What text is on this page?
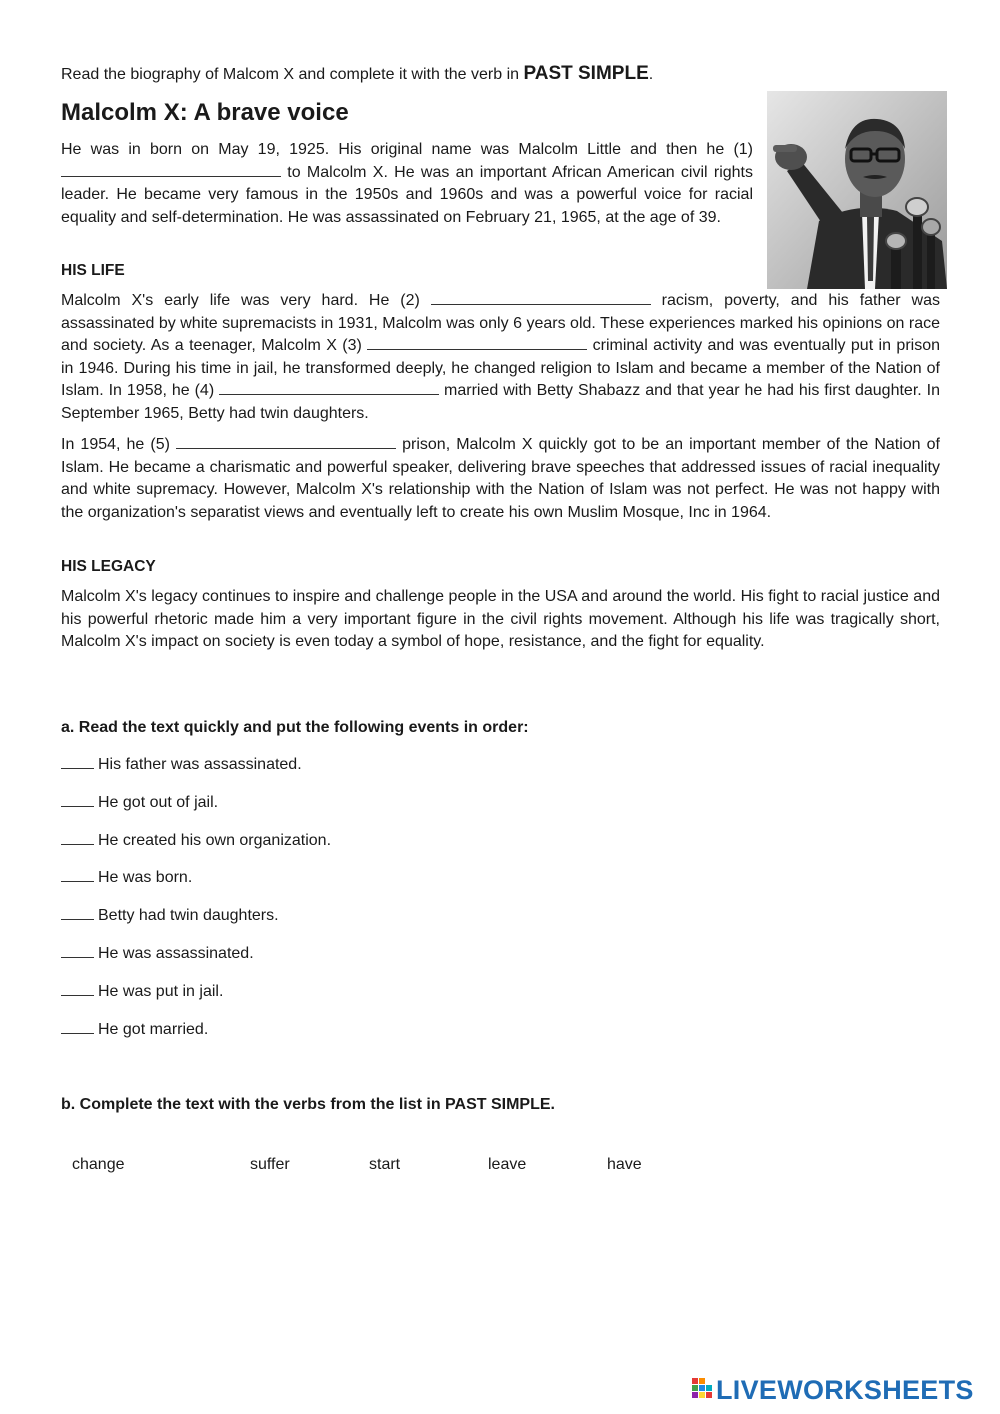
Read the biography of Malcom X and complete it with the verb in PAST SIMPLE.
Malcolm X: A brave voice

He was in born on May 19, 1925. His original name was Malcolm Little and then he (1)  to Malcolm X. He was an important African American civil rights leader. He became very famous in the 1950s and 1960s and was a powerful voice for racial equality and self-determination. He was assassinated on February 21, 1965, at the age of 39.

HIS LIFE

Malcolm X's early life was very hard. He (2)	racism, poverty, and his father was assassinated by white supremacists in 1931, Malcolm was only 6 years old. These experiences marked his opinions on race and society. As a teenager, Malcolm X (3)	criminal activity and was eventually put in prison in 1946. During his time in jail, he transformed deeply, he changed religion to Islam and became a member of the Nation of Islam. In 1958, he (4)	married with Betty Shabazz and that year he had his first daughter. In September 1965, Betty had twin daughters.

In 1954, he (5)	prison, Malcolm X quickly got to be an important member of the Nation of Islam. He became a charismatic and powerful speaker, delivering brave speeches that addressed issues of racial inequality and white supremacy. However, Malcolm X's relationship with the Nation of Islam was not perfect. He was not happy with the organization's separatist views and eventually left to create his own Muslim Mosque, Inc in 1964.

HIS LEGACY

Malcolm X's legacy continues to inspire and challenge people in the USA and around the world. His fight to racial justice and his powerful rhetoric made him a very important figure in the civil rights movement. Although his life was tragically short, Malcolm X's impact on society is even today a symbol of hope, resistance, and the fight for equality.

a. Read the text quickly and put the following events in order:

His father was assassinated.
He got out of jail.
He created his own organization.
He was born.
Betty had twin daughters.
He was assassinated.
He was put in jail.
He got married.

b. Complete the text with the verbs from the list in PAST SIMPLE.

change	suffer	start	leave	have
LIVEWORKSHEETS
